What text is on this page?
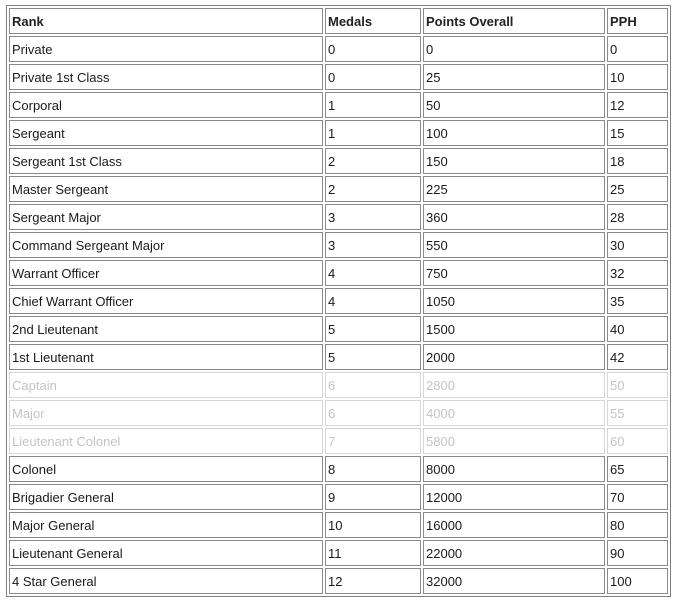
Rank	Medals	Points Overall	PPH
Private	0	0	0
Private 1st Class	0	25	10
Corporal	1	50	12
Sergeant	1	100	15
Sergeant 1st Class	2	150	18
Master Sergeant	2	225	25
Sergeant Major	3	360	28
Command Sergeant Major	3	550	30
Warrant Officer	4	750	32
Chief Warrant Officer	4	1050	35
2nd Lieutenant	5	1500	40
1st Lieutenant	5	2000	42
Captain	6	2800	50
Major	6	4000	55
Lieutenant Colonel	7	5800	60
Colonel	8	8000	65
Brigadier General	9	12000	70
Major General	10	16000	80
Lieutenant General	11	22000	90
4 Star General	12	32000	100
